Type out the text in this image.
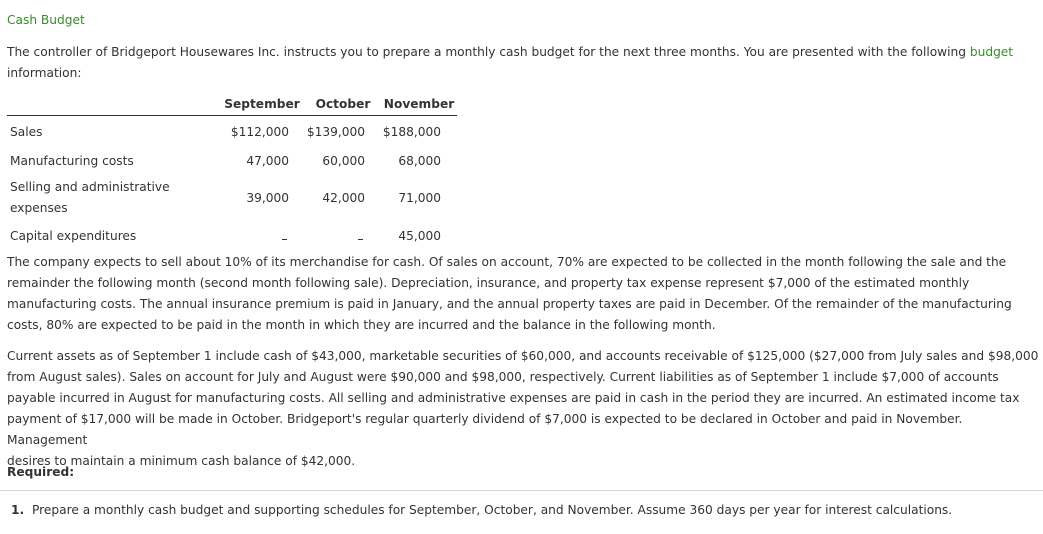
Cash Budget

The controller of Bridgeport Housewares Inc. instructs you to prepare a monthly cash budget for the next three months. You are presented with the following budget
information:

	September	October	November
Sales	$112,000	$139,000	$188,000
Manufacturing costs	47,000	60,000	68,000
Selling and administrative
expenses	39,000	42,000	71,000
Capital expenditures			45,000

The company expects to sell about 10% of its merchandise for cash. Of sales on account, 70% are expected to be collected in the month following the sale and the
remainder the following month (second month following sale). Depreciation, insurance, and property tax expense represent $7,000 of the estimated monthly
manufacturing costs. The annual insurance premium is paid in January, and the annual property taxes are paid in December. Of the remainder of the manufacturing
costs, 80% are expected to be paid in the month in which they are incurred and the balance in the following month.

Current assets as of September 1 include cash of $43,000, marketable securities of $60,000, and accounts receivable of $125,000 ($27,000 from July sales and $98,000
from August sales). Sales on account for July and August were $90,000 and $98,000, respectively. Current liabilities as of September 1 include $7,000 of accounts
payable incurred in August for manufacturing costs. All selling and administrative expenses are paid in cash in the period they are incurred. An estimated income tax
payment of $17,000 will be made in October. Bridgeport's regular quarterly dividend of $7,000 is expected to be declared in October and paid in November. Management
desires to maintain a minimum cash balance of $42,000.

Required:
1. Prepare a monthly cash budget and supporting schedules for September, October, and November. Assume 360 days per year for interest calculations.
